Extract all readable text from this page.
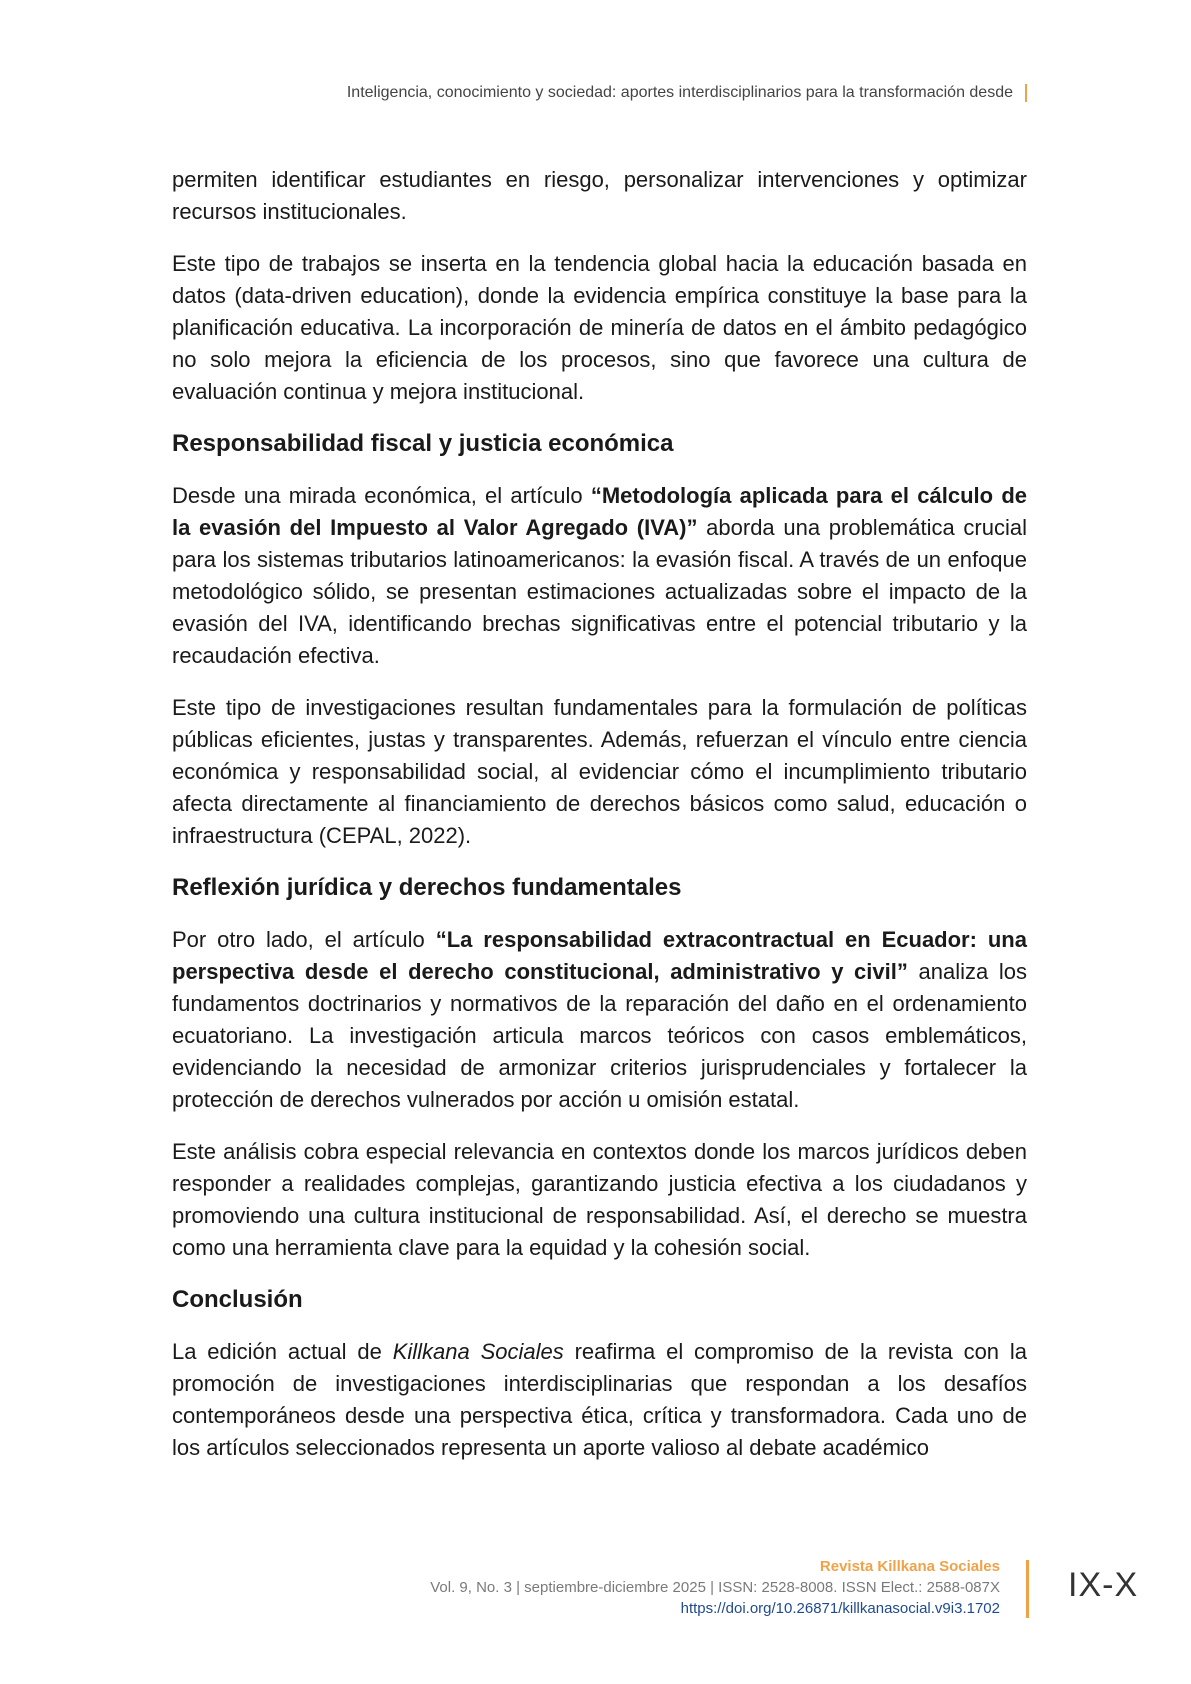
Inteligencia, conocimiento y sociedad: aportes interdisciplinarios para la transformación desde

permiten identificar estudiantes en riesgo, personalizar intervenciones y optimizar recursos institucionales.

Este tipo de trabajos se inserta en la tendencia global hacia la educación basada en datos (data-driven education), donde la evidencia empírica constituye la base para la planificación educativa. La incorporación de minería de datos en el ámbito pedagógico no solo mejora la eficiencia de los procesos, sino que favorece una cultura de evaluación continua y mejora institucional.

Responsabilidad fiscal y justicia económica

Desde una mirada económica, el artículo “Metodología aplicada para el cálculo de la evasión del Impuesto al Valor Agregado (IVA)” aborda una problemática crucial para los sistemas tributarios latinoamericanos: la evasión fiscal. A través de un enfoque metodológico sólido, se presentan estimaciones actualizadas sobre el impacto de la evasión del IVA, identificando brechas significativas entre el potencial tributario y la recaudación efectiva.

Este tipo de investigaciones resultan fundamentales para la formulación de políticas públicas eficientes, justas y transparentes. Además, refuerzan el vínculo entre ciencia económica y responsabilidad social, al evidenciar cómo el incumplimiento tributario afecta directamente al financiamiento de derechos básicos como salud, educación o infraestructura (CEPAL, 2022).

Reflexión jurídica y derechos fundamentales

Por otro lado, el artículo “La responsabilidad extracontractual en Ecuador: una perspectiva desde el derecho constitucional, administrativo y civil” analiza los fundamentos doctrinarios y normativos de la reparación del daño en el ordenamiento ecuatoriano. La investigación articula marcos teóricos con casos emblemáticos, evidenciando la necesidad de armonizar criterios jurisprudenciales y fortalecer la protección de derechos vulnerados por acción u omisión estatal.

Este análisis cobra especial relevancia en contextos donde los marcos jurídicos deben responder a realidades complejas, garantizando justicia efectiva a los ciudadanos y promoviendo una cultura institucional de responsabilidad. Así, el derecho se muestra como una herramienta clave para la equidad y la cohesión social.

Conclusión

La edición actual de Killkana Sociales reafirma el compromiso de la revista con la promoción de investigaciones interdisciplinarias que respondan a los desafíos contemporáneos desde una perspectiva ética, crítica y transformadora. Cada uno de los artículos seleccionados representa un aporte valioso al debate académico

Revista Killkana Sociales
Vol. 9, No. 3 | septiembre-diciembre 2025 | ISSN: 2528-8008. ISSN Elect.: 2588-087X
https://doi.org/10.26871/killkanasocial.v9i3.1702
IX-X
